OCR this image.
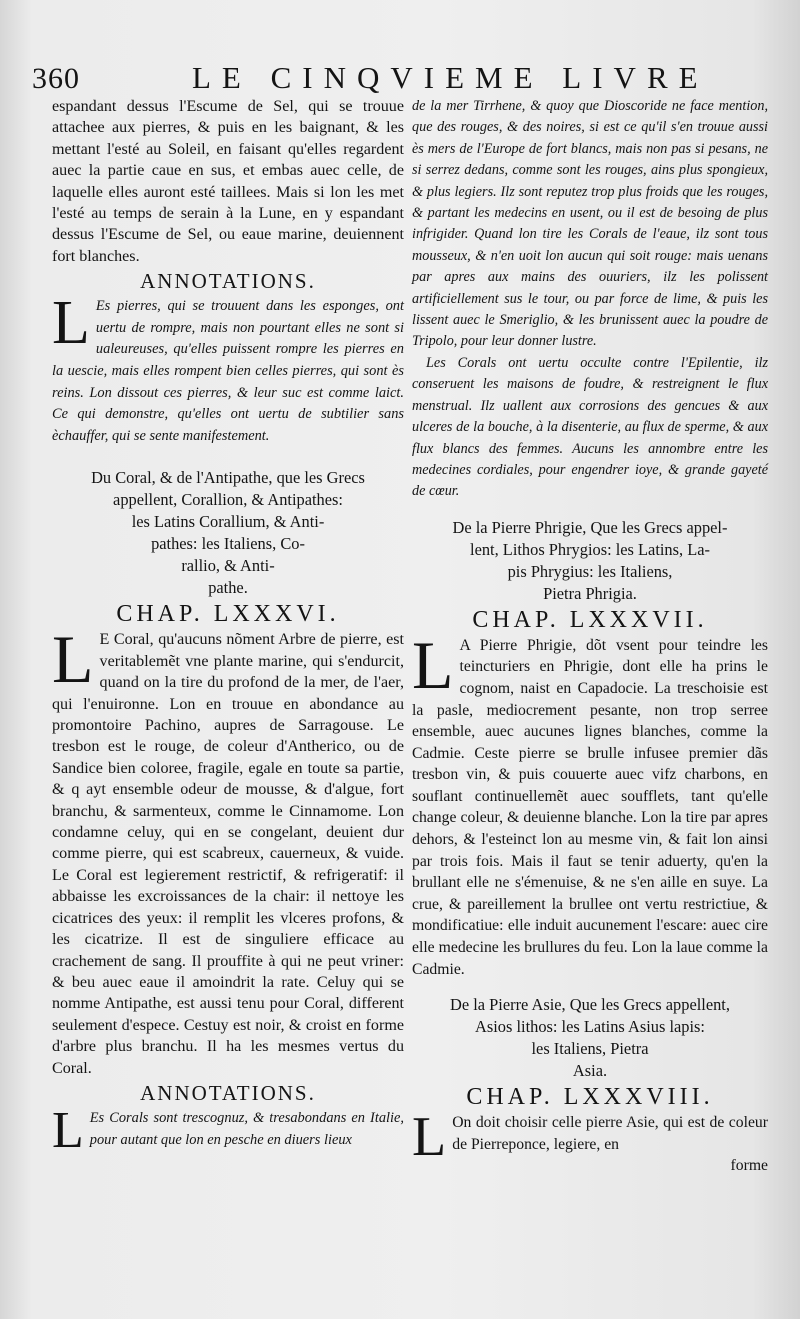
360	LE CINQVIEME LIVRE

espandant dessus l'Escume de Sel, qui se trouue attachee aux pierres, & puis en les baignant, & les mettant l'esté au Soleil, en faisant qu'elles regardent auec la partie caue en sus, et embas auec celle, de laquelle elles auront esté taillees. Mais si lon les met l'esté au temps de serain à la Lune, en y espandant dessus l'Escume de Sel, ou eaue marine, deuiennent fort blanches.

ANNOTATIONS.
L Es pierres, qui se trouuent dans les esponges, ont uertu de rompre, mais non pourtant elles ne sont si ualeureuses, qu'elles puissent rompre les pierres en la uescie, mais elles rompent bien celles pierres, qui sont ès reins. Lon dissout ces pierres, & leur suc est comme laict. Ce qui demonstre, qu'elles ont uertu de subtilier sans èchauffer, qui se sente manifestement.

Du Coral, & de l'Antipathe, que les Grecs
appellent, Corallion, & Antipathes:
les Latins Corallium, & Anti-
pathes: les Italiens, Co-
rallio, & Anti-
pathe.
CHAP. LXXXVI.
L E Coral, qu'aucuns nõment Arbre de pierre, est veritablemẽt vne plante marine, qui s'endurcit, quand on la tire du profond de la mer, de l'aer, qui l'enuironne. Lon en trouue en abondance au promontoire Pachino, aupres de Sarragouse. Le tresbon est le rouge, de coleur d'Antherico, ou de Sandice bien coloree, fragile, egale en toute sa partie, & q ayt ensemble odeur de mousse, & d'algue, fort branchu, & sarmenteux, comme le Cinnamome. Lon condamne celuy, qui en se congelant, deuient dur comme pierre, qui est scabreux, cauerneux, & vuide. Le Coral est legierement restrictif, & refrigeratif: il abbaisse les excroissances de la chair: il nettoye les cicatrices des yeux: il remplit les vlceres profons, & les cicatrize. Il est de singuliere efficace au crachement de sang. Il prouffite à qui ne peut vriner: & beu auec eaue il amoindrit la rate. Celuy qui se nomme Antipathe, est aussi tenu pour Coral, different seulement d'espece. Cestuy est noir, & croist en forme d'arbre plus branchu. Il ha les mesmes vertus du Coral.

ANNOTATIONS.
L Es Corals sont trescognuz, & tresabondans en Italie, pour autant que lon en pesche en diuers lieux

de la mer Tirrhene, & quoy que Dioscoride ne face mention, que des rouges, & des noires, si est ce qu'il s'en trouue aussi ès mers de l'Europe de fort blancs, mais non pas si pesans, ne si serrez dedans, comme sont les rouges, ains plus spongieux, & plus legiers. Ilz sont reputez trop plus froids que les rouges, & partant les medecins en usent, ou il est de besoing de plus infrigider. Quand lon tire les Corals de l'eaue, ilz sont tous mousseux, & n'en uoit lon aucun qui soit rouge: mais uenans par apres aux mains des ouuriers, ilz les polissent artificiellement sus le tour, ou par force de lime, & puis les lissent auec le Smeriglio, & les brunissent auec la poudre de Tripolo, pour leur donner lustre.

Les Corals ont uertu occulte contre l'Epilentie, ilz conseruent les maisons de foudre, & restreignent le flux menstrual. Ilz uallent aux corrosions des gencues & aux ulceres de la bouche, à la disenterie, au flux de sperme, & aux flux blancs des femmes. Aucuns les annombre entre les medecines cordiales, pour engendrer ioye, & grande gayeté de cœur.

De la Pierre Phrigie, Que les Grecs appel-
lent, Lithos Phrygios: les Latins, La-
pis Phrygius: les Italiens,
Pietra Phrigia.
CHAP. LXXXVII.
L A Pierre Phrigie, dõt vsent pour teindre les teincturiers en Phrigie, dont elle ha prins le cognom, naist en Capadocie. La treschoisie est la pasle, mediocrement pesante, non trop serree ensemble, auec aucunes lignes blanches, comme la Cadmie. Ceste pierre se brulle infusee premier dãs tresbon vin, & puis couuerte auec vifz charbons, en souflant continuellemẽt auec soufflets, tant qu'elle change coleur, & deuienne blanche. Lon la tire par apres dehors, & l'esteinct lon au mesme vin, & fait lon ainsi par trois fois. Mais il faut se tenir aduerty, qu'en la brullant elle ne s'émenuise, & ne s'en aille en suye. La crue, & pareillement la brullee ont vertu restrictiue, & mondificatiue: elle induit aucunement l'escare: auec cire elle medecine les brullures du feu. Lon la laue comme la Cadmie.

De la Pierre Asie, Que les Grecs appellent,
Asios lithos: les Latins Asius lapis:
les Italiens, Pietra
Asia.
CHAP. LXXXVIII.
L On doit choisir celle pierre Asie, qui est de coleur de Pierreponce, legiere, en

forme
